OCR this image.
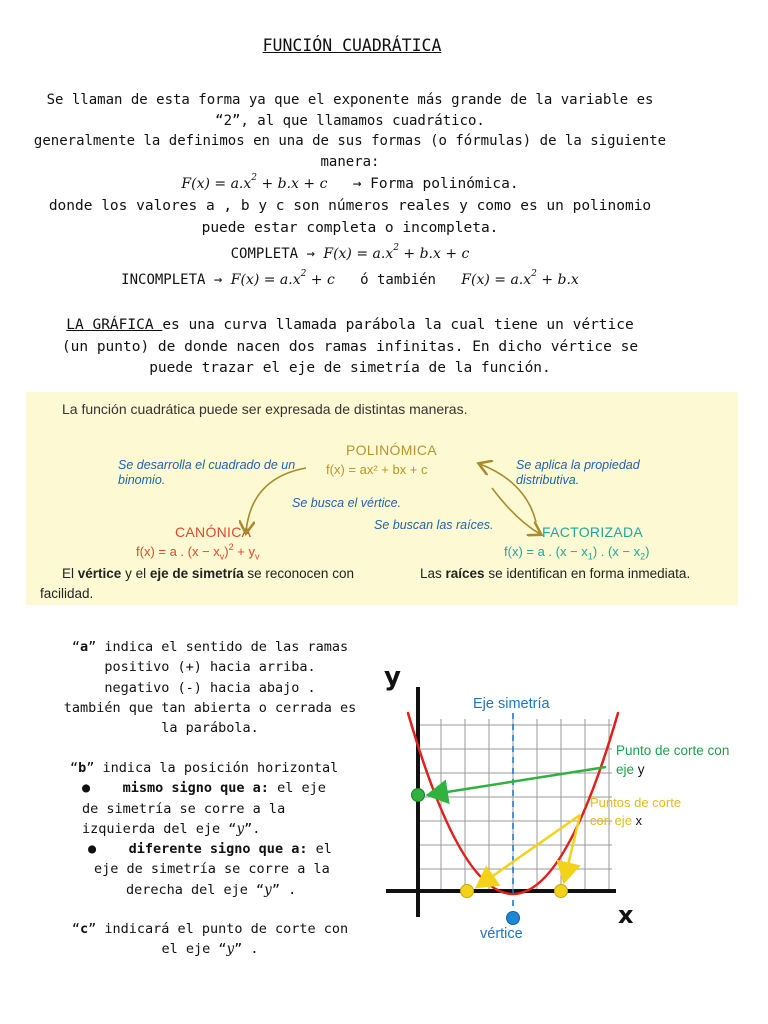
FUNCIÓN CUADRÁTICA

Se llaman de esta forma ya que el exponente más grande de la variable es

“2”, al que llamamos cuadrático.

generalmente la definimos en una de sus formas (o fórmulas) de la siguiente

manera:

$F(x) = a.x^2 + b.x + c$ → Forma polinómica.

donde los valores a , b y c son números reales y como es un polinomio

puede estar completa o incompleta.

COMPLETA → $F(x) = a.x^2 + b.x + c$

INCOMPLETA → $F(x) = a.x^2 + c$ ó también $F(x) = a.x^2 + b.x$

LA GRÁFICA es una curva llamada parábola la cual tiene un vértice
(un punto) de donde nacen dos ramas infinitas. En dicho vértice se
puede trazar el eje de simetría de la función.
La función cuadrática puede ser expresada de distintas maneras.
POLINÓMICA
f(x) = ax² + bx + c
Se desarrolla el cuadrado de un binomio.
Se aplica la propiedad distributiva.
Se busca el vértice.
Se buscan las raíces.
CANÓNICA
f(x) = a . $(x - x_v)^2 + y_v$
FACTORIZADA
f(x) = a . $(x - x_1)$ . $(x - x_2)$
El vértice y el eje de simetría se reconocen con
facilidad.
Las raíces se identifican en forma inmediata.

“a” indica el sentido de las ramas

positivo (+) hacia arriba.

negativo (-) hacia abajo .

también que tan abierta o cerrada es

la parábola.

“b” indica la posición horizontal

●    mismo signo que a: el eje

de simetría se corre a la

izquierda del eje “𝑦”.

●    diferente signo que a: el

eje de simetría se corre a la

derecha del eje “𝑦” .

“c” indicará el punto de corte con

el eje “𝑦” .

y
x
Eje simetría
vértice
Punto de corte con
eje y
Puntos de corte
con eje x
